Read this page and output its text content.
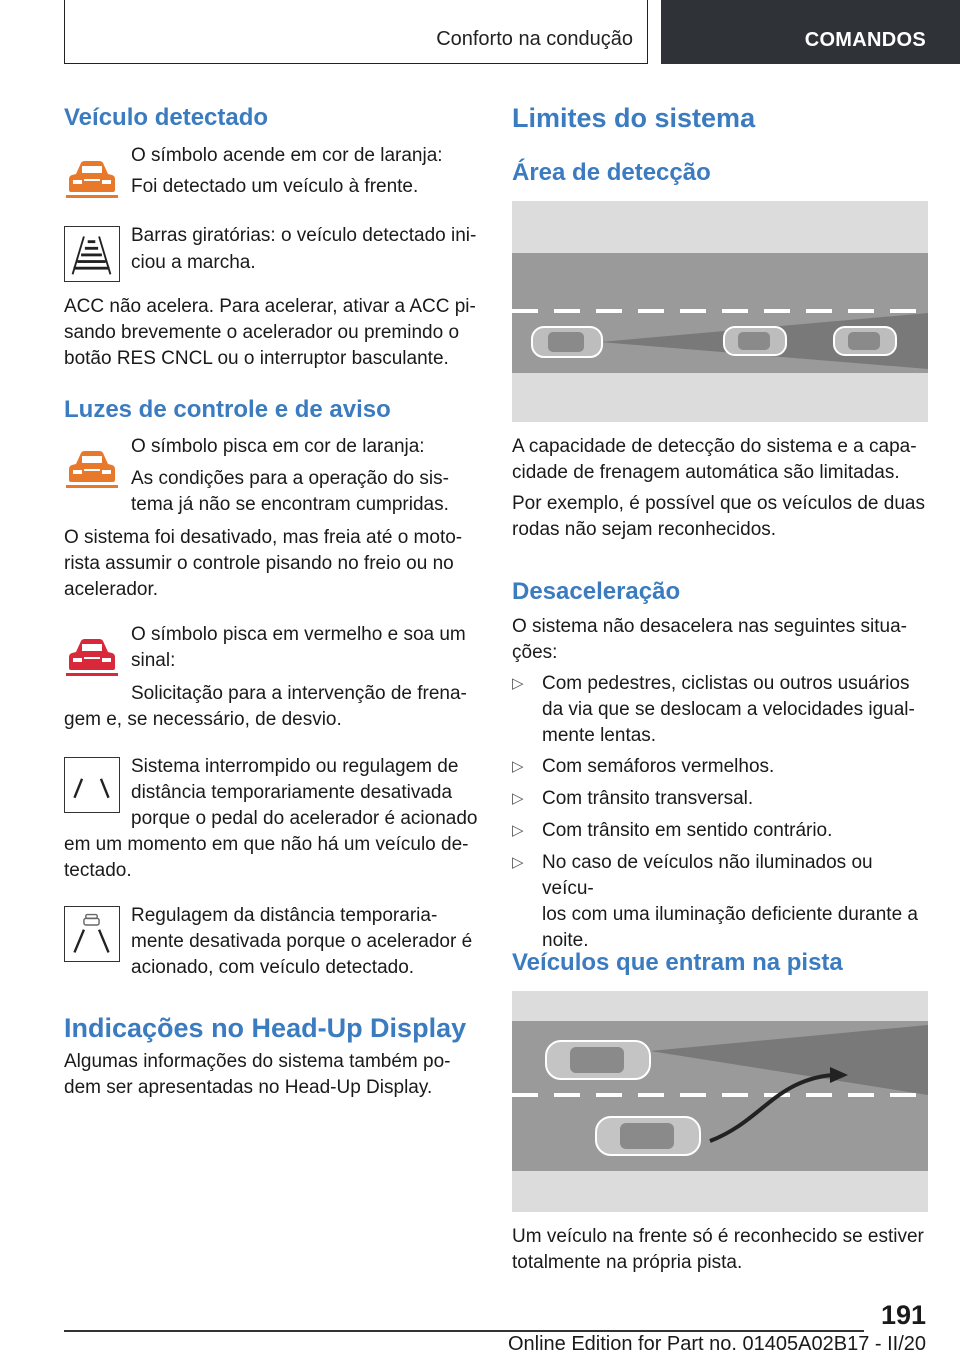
Conforto na condução	COMANDOS
Veículo detectado

O símbolo acende em cor de laranja:

Foi detectado um veículo à frente.

Barras giratórias: o veículo detectado ini-

ciou a marcha.

ACC não acelera. Para acelerar, ativar a ACC pi-

sando brevemente o acelerador ou premindo o

botão RES CNCL ou o interruptor basculante.

Luzes de controle e de aviso

O símbolo pisca em cor de laranja:

As condições para a operação do sis-

tema já não se encontram cumpridas.

O sistema foi desativado, mas freia até o moto-

rista assumir o controle pisando no freio ou no

acelerador.

O símbolo pisca em vermelho e soa um

sinal:

Solicitação para a intervenção de frena-

gem e, se necessário, de desvio.

Sistema interrompido ou regulagem de

distância temporariamente desativada

porque o pedal do acelerador é acionado

em um momento em que não há um veículo de-

tectado.

Regulagem da distância temporaria-

mente desativada porque o acelerador é

acionado, com veículo detectado.

Indicações no Head-Up Display

Algumas informações do sistema também po-

dem ser apresentadas no Head-Up Display.

Limites do sistema
Área de detecção

A capacidade de detecção do sistema e a capa-

cidade de frenagem automática são limitadas.

Por exemplo, é possível que os veículos de duas

rodas não sejam reconhecidos.

Desaceleração

O sistema não desacelera nas seguintes situa-

ções:

▷ Com pedestres, ciclistas ou outros usuários
da via que se deslocam a velocidades igual-
mente lentas.
▷ Com semáforos vermelhos.
▷ Com trânsito transversal.
▷ Com trânsito em sentido contrário.
▷ No caso de veículos não iluminados ou veícu-
los com uma iluminação deficiente durante a
noite.
Veículos que entram na pista

Um veículo na frente só é reconhecido se estiver

totalmente na própria pista.

191
Online Edition for Part no. 01405A02B17 - II/20
